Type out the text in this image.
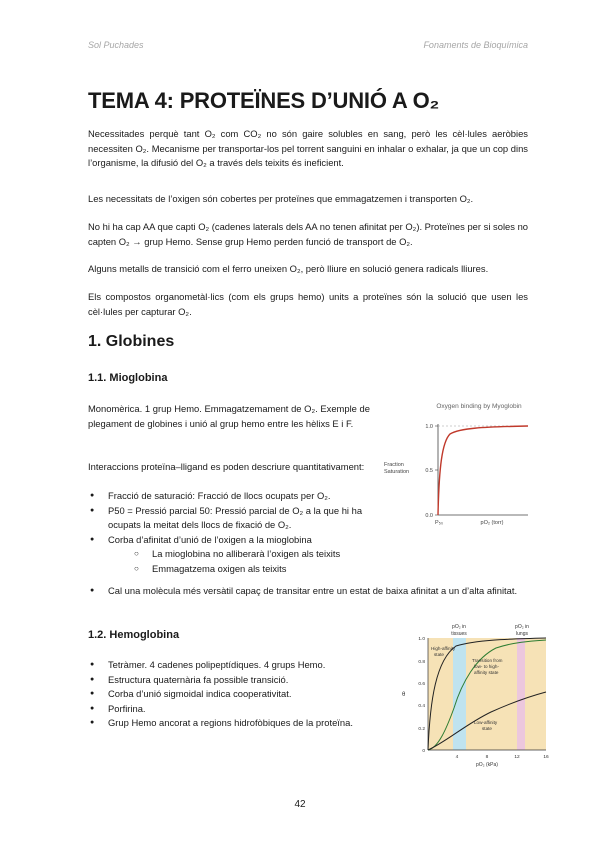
Sol Puchades	Fonaments de Bioquímica
TEMA 4: PROTEÏNES D’UNIÓ A O₂

Necessitades perquè tant O₂ com CO₂ no són gaire solubles en sang, però les cèl·lules aeròbies necessiten O₂. Mecanisme per transportar-los pel torrent sanguini en inhalar o exhalar, ja que un cop dins l’organisme, la difusió del O₂ a través dels teixits és ineficient.

Les necessitats de l’oxigen són cobertes per proteïnes que emmagatzemen i transporten O₂.

No hi ha cap AA que capti O₂ (cadenes laterals dels AA no tenen afinitat per O₂). Proteïnes per si soles no capten O₂ → grup Hemo. Sense grup Hemo perden funció de transport de O₂.

Alguns metalls de transició com el ferro uneixen O₂, però lliure en solució genera radicals lliures.

Els compostos organometàl·lics (com els grups hemo) units a proteïnes són la solució que usen les cèl·lules per capturar O₂.

1. Globines
1.1. Mioglobina

Monomèrica. 1 grup Hemo. Emmagatzemament de O₂. Exemple de plegament de globines i unió al grup hemo entre les hèlixs E i F.

Interaccions proteïna–lligand es poden descriure quantitativament:

● Fracció de saturació: Fracció de llocs ocupats per O₂.
● P50 = Pressió parcial 50: Pressió parcial de O₂ a la que hi ha ocupats la meitat dels llocs de fixació de O₂.
● Corba d’afinitat d’unió de l’oxigen a la mioglobina
○ La mioglobina no alliberarà l’oxigen als teixits
○ Emmagatzema oxigen als teixits
● Cal una molècula més versàtil capaç de transitar entre un estat de baixa afinitat a un d’alta afinitat.
Oxygen binding by Myoglobin
Fraction
Saturation
1.0
0.5
0.0
P₅₀	pO₂ (torr)
1.2. Hemoglobina
● Tetràmer. 4 cadenes polipeptídiques. 4 grups Hemo.
● Estructura quaternària fa possible transició.
● Corba d’unió sigmoidal indica cooperativitat.
● Porfirina.
● Grup Hemo ancorat a regions hidrofòbiques de la proteïna.
pO₂ in
tissues
pO₂ in
lungs
θ
1.0
0.8
0.6
0.4
0.2
0
4	8	12	16
pO₂ (kPa)
High-affinity
state
Transition from
low- to high-
affinity state
Low-affinity
state
42
